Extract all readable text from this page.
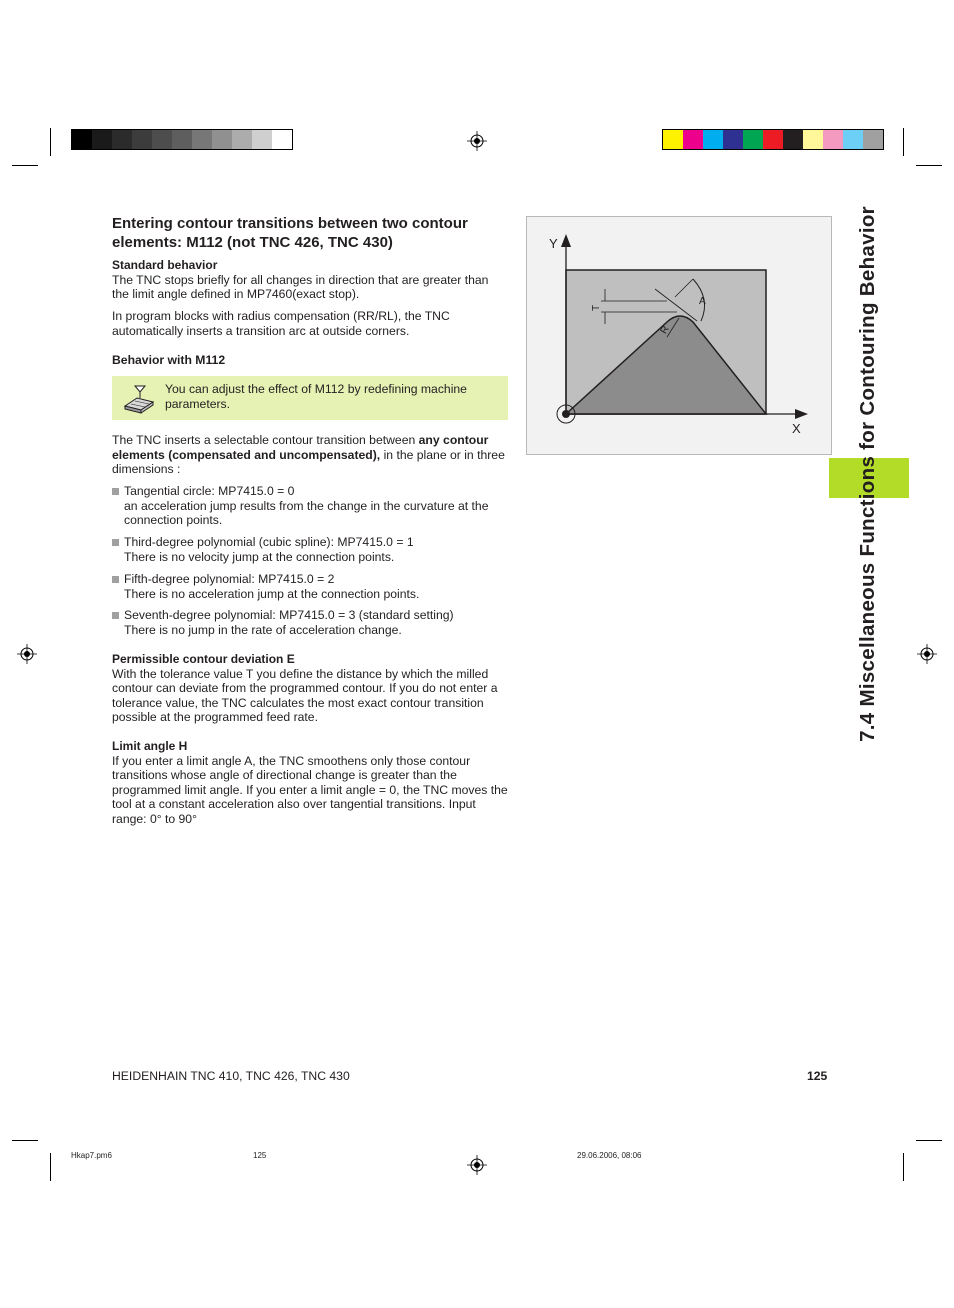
Entering contour transitions between two contour elements: M112 (not TNC 426, TNC 430)
Standard behavior
The TNC stops briefly for all changes in direction that are greater than the limit angle defined in MP7460(exact stop).
In program blocks with radius compensation (RR/RL), the TNC automatically inserts a transition arc at outside corners.
Behavior with M112
You can adjust the effect of M112 by redefining machine parameters.
The TNC inserts a selectable contour transition between any contour elements (compensated and uncompensated), in the plane or in three dimensions :
Tangential circle: MP7415.0 = 0
an acceleration jump results from the change in the curvature at the connection points.
Third-degree polynomial (cubic spline): MP7415.0 = 1
There is no velocity jump at the connection points.
Fifth-degree polynomial: MP7415.0 = 2
There is no acceleration jump at the connection points.
Seventh-degree polynomial: MP7415.0 = 3 (standard setting)
There is no jump in the rate of acceleration change.
Permissible contour deviation E
With the tolerance value T you define the distance by which the milled contour can deviate from the programmed contour. If you do not enter a tolerance value, the TNC calculates the most exact contour transition possible at the programmed feed rate.
Limit angle H
If you enter a limit angle A, the TNC smoothens only those contour transitions whose angle of directional change is greater than the programmed limit angle. If you enter a limit angle = 0, the TNC moves the tool at a constant acceleration also over tangential transitions. Input range: 0° to 90°
Y
X
T
A
R	7.4 Miscellaneous Functions for Contouring Behavior
HEIDENHAIN TNC 410, TNC 426, TNC 430	125
Hkap7.pm6	125	29.06.2006, 08:06
